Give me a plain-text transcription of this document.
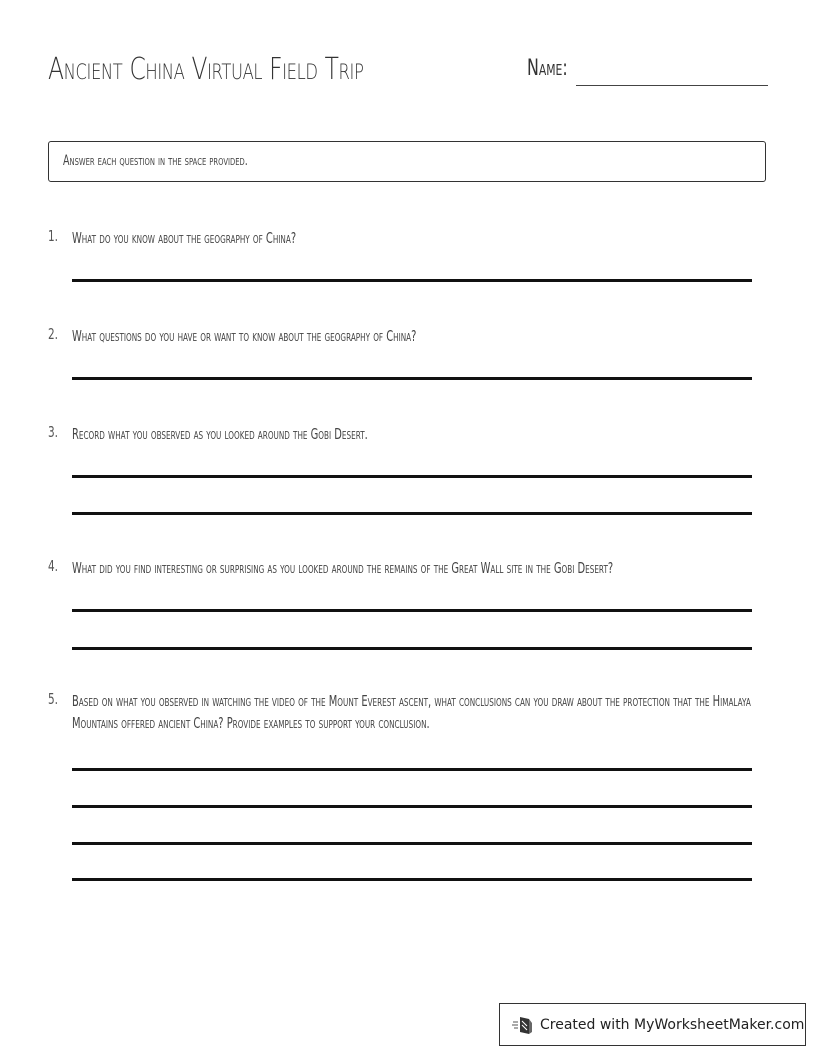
Ancient China Virtual Field Trip	Name:
Answer each question in the space provided.
1. What do you know about the geography of China?
2. What questions do you have or want to know about the geography of China?
3. Record what you observed as you looked around the Gobi Desert.
4. What did you find interesting or surprising as you looked around the remains of the Great Wall site in the Gobi Desert?
5. Based on what you observed in watching the video of the Mount Everest ascent, what conclusions can you draw about the protection that the Himalaya Mountains offered ancient China? Provide examples to support your conclusion.
Created with MyWorksheetMaker.com
